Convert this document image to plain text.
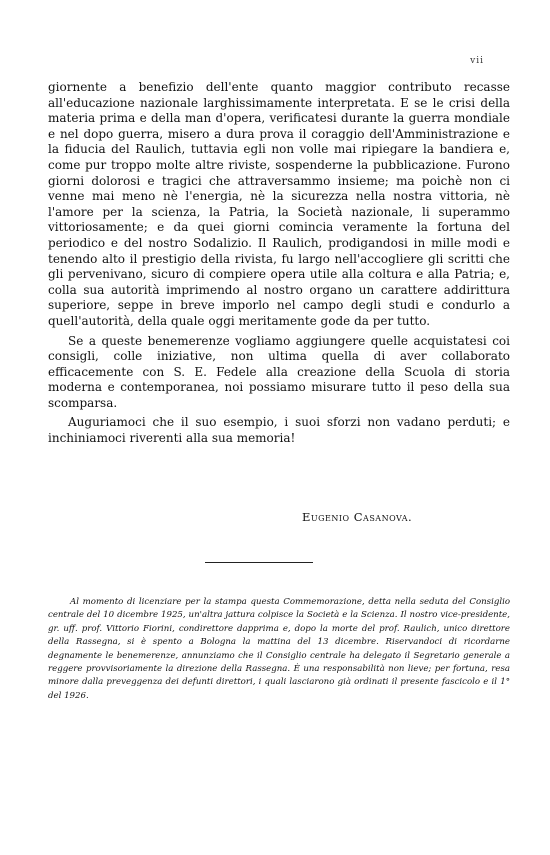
vii

giornente a benefizio dell'ente quanto maggior contributo recasse all'educazione nazionale larghissimamente interpretata. E se le crisi della materia prima e della man d'opera, verificatesi durante la guerra mondiale e nel dopo guerra, misero a dura prova il coraggio dell'Amministrazione e la fiducia del Raulich, tuttavia egli non volle mai ripiegare la bandiera e, come pur troppo molte altre riviste, sospenderne la pubblicazione. Furono giorni dolorosi e tragici che attraversammo insieme; ma poichè non ci venne mai meno nè l'energia, nè la sicurezza nella nostra vittoria, nè l'amore per la scienza, la Patria, la Società nazionale, li superammo vittoriosamente; e da quei giorni comincia veramente la fortuna del periodico e del nostro Sodalizio. Il Raulich, prodigandosi in mille modi e tenendo alto il prestigio della rivista, fu largo nell'accogliere gli scritti che gli pervenivano, sicuro di compiere opera utile alla coltura e alla Patria; e, colla sua autorità imprimendo al nostro organo un carattere addirittura superiore, seppe in breve imporlo nel campo degli studi e condurlo a quell'autorità, della quale oggi meritamente gode da per tutto.

Se a queste benemerenze vogliamo aggiungere quelle acquistatesi coi consigli, colle iniziative, non ultima quella di aver collaborato efficacemente con S. E. Fedele alla creazione della Scuola di storia moderna e contemporanea, noi possiamo misurare tutto il peso della sua scomparsa.

Auguriamoci che il suo esempio, i suoi sforzi non vadano perduti; e inchiniamoci riverenti alla sua memoria!

Eugenio Casanova.
Al momento di licenziare per la stampa questa Commemorazione, detta nella seduta del Consiglio centrale del 10 dicembre 1925, un'altra jattura colpisce la Società e la Scienza. Il nostro vice-presidente, gr. uff. prof. Vittorio Fiorini, condirettore dapprima e, dopo la morte del prof. Raulich, unico direttore della Rassegna, si è spento a Bologna la mattina del 13 dicembre. Riservandoci di ricordarne degnamente le benemerenze, annunziamo che il Consiglio centrale ha delegato il Segretario generale a reggere provvisoriamente la direzione della Rassegna. È una responsabilità non lieve; per fortuna, resa minore dalla preveggenza dei defunti direttori, i quali lasciarono già ordinati il presente fascicolo e il 1° del 1926.
